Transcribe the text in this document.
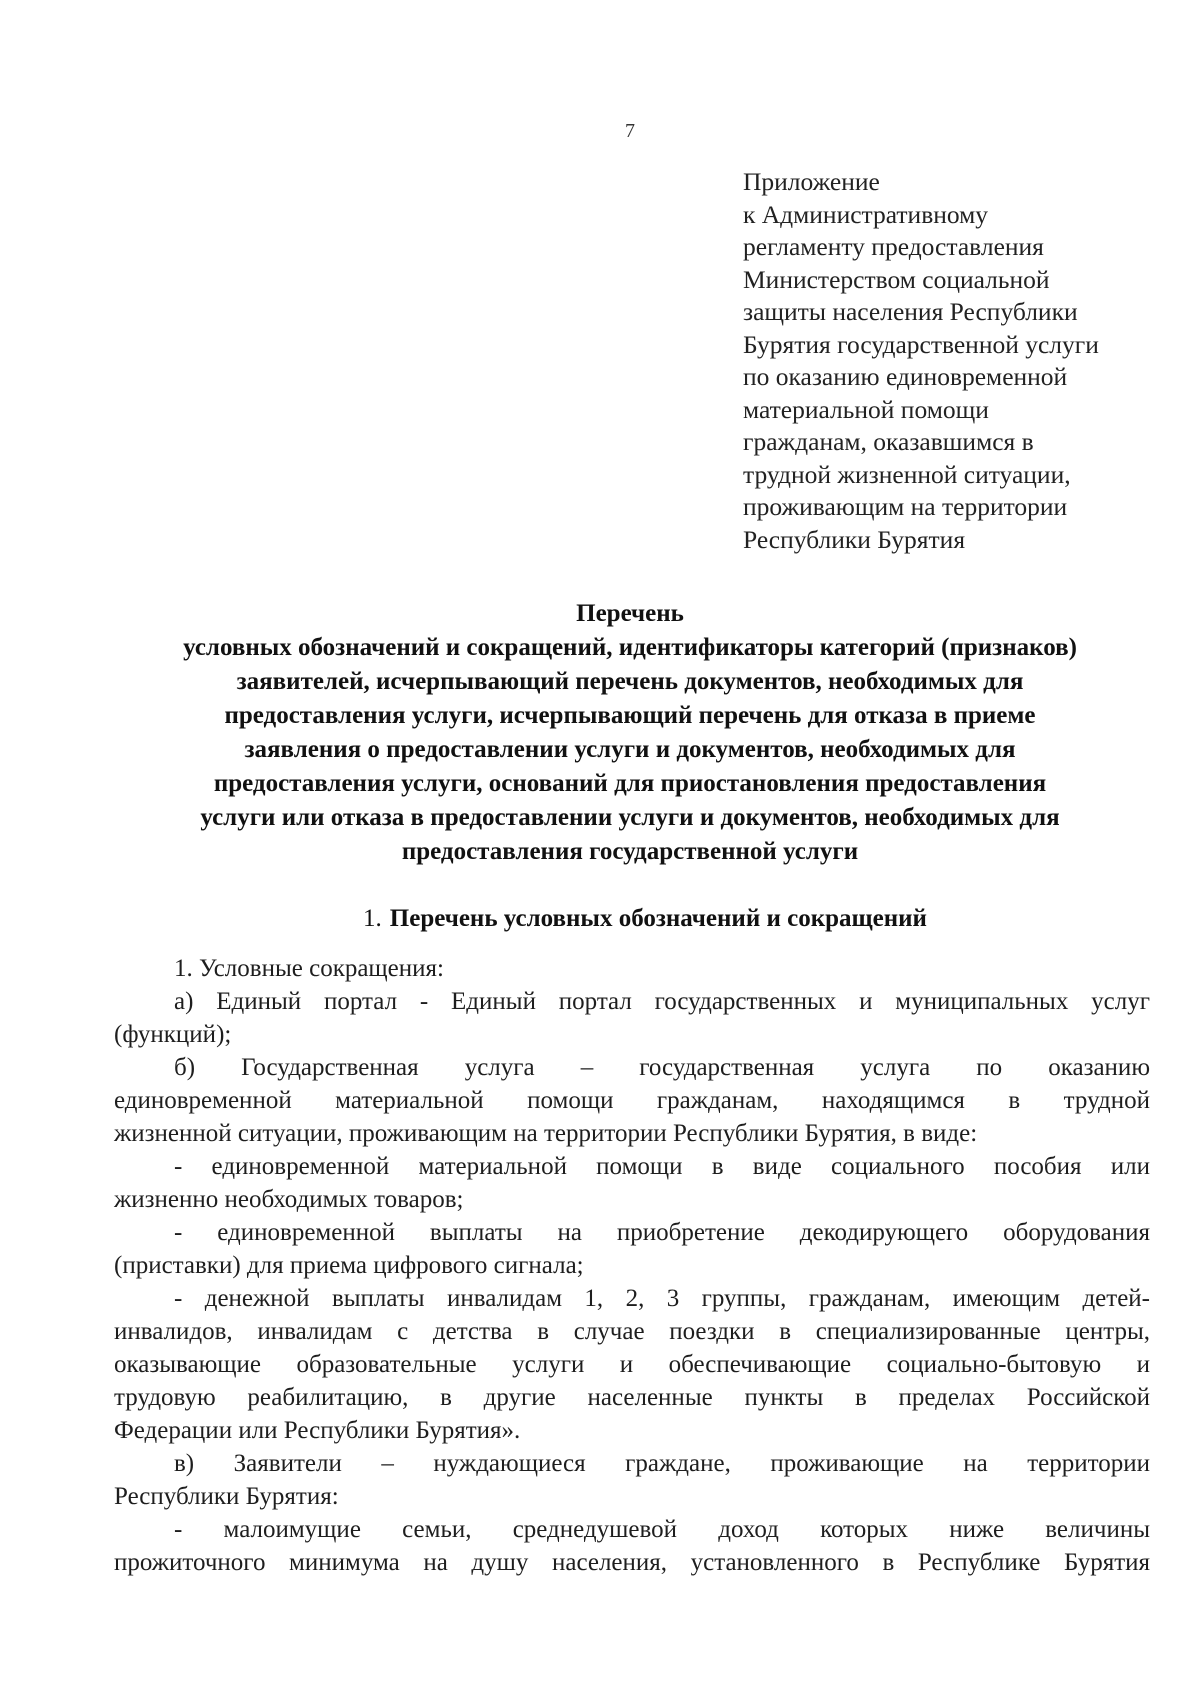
7
Приложение
к Административному
регламенту предоставления
Министерством социальной
защиты населения Республики
Бурятия государственной услуги
по оказанию единовременной
материальной помощи
гражданам, оказавшимся в
трудной жизненной ситуации,
проживающим на территории
Республики Бурятия
Перечень
условных обозначений и сокращений, идентификаторы категорий (признаков)
заявителей, исчерпывающий перечень документов, необходимых для
предоставления услуги, исчерпывающий перечень для отказа в приеме
заявления о предоставлении услуги и документов, необходимых для
предоставления услуги, оснований для приостановления предоставления
услуги или отказа в предоставлении услуги и документов, необходимых для
предоставления государственной услуги
1. Перечень условных обозначений и сокращений
1. Условные сокращения:
а) Единый портал - Единый портал государственных и муниципальных услуг
(функций);
б) Государственная услуга – государственная услуга по оказанию
единовременной материальной помощи гражданам, находящимся в трудной
жизненной ситуации, проживающим на территории Республики Бурятия, в виде:
- единовременной материальной помощи в виде социального пособия или
жизненно необходимых товаров;
- единовременной выплаты на приобретение декодирующего оборудования
(приставки) для приема цифрового сигнала;
- денежной выплаты инвалидам 1, 2, 3 группы, гражданам, имеющим детей-
инвалидов, инвалидам с детства в случае поездки в специализированные центры,
оказывающие образовательные услуги и обеспечивающие социально-бытовую и
трудовую реабилитацию, в другие населенные пункты в пределах Российской
Федерации или Республики Бурятия».
в) Заявители – нуждающиеся граждане, проживающие на территории
Республики Бурятия:
- малоимущие семьи, среднедушевой доход которых ниже величины
прожиточного минимума на душу населения, установленного в Республике Бурятия
